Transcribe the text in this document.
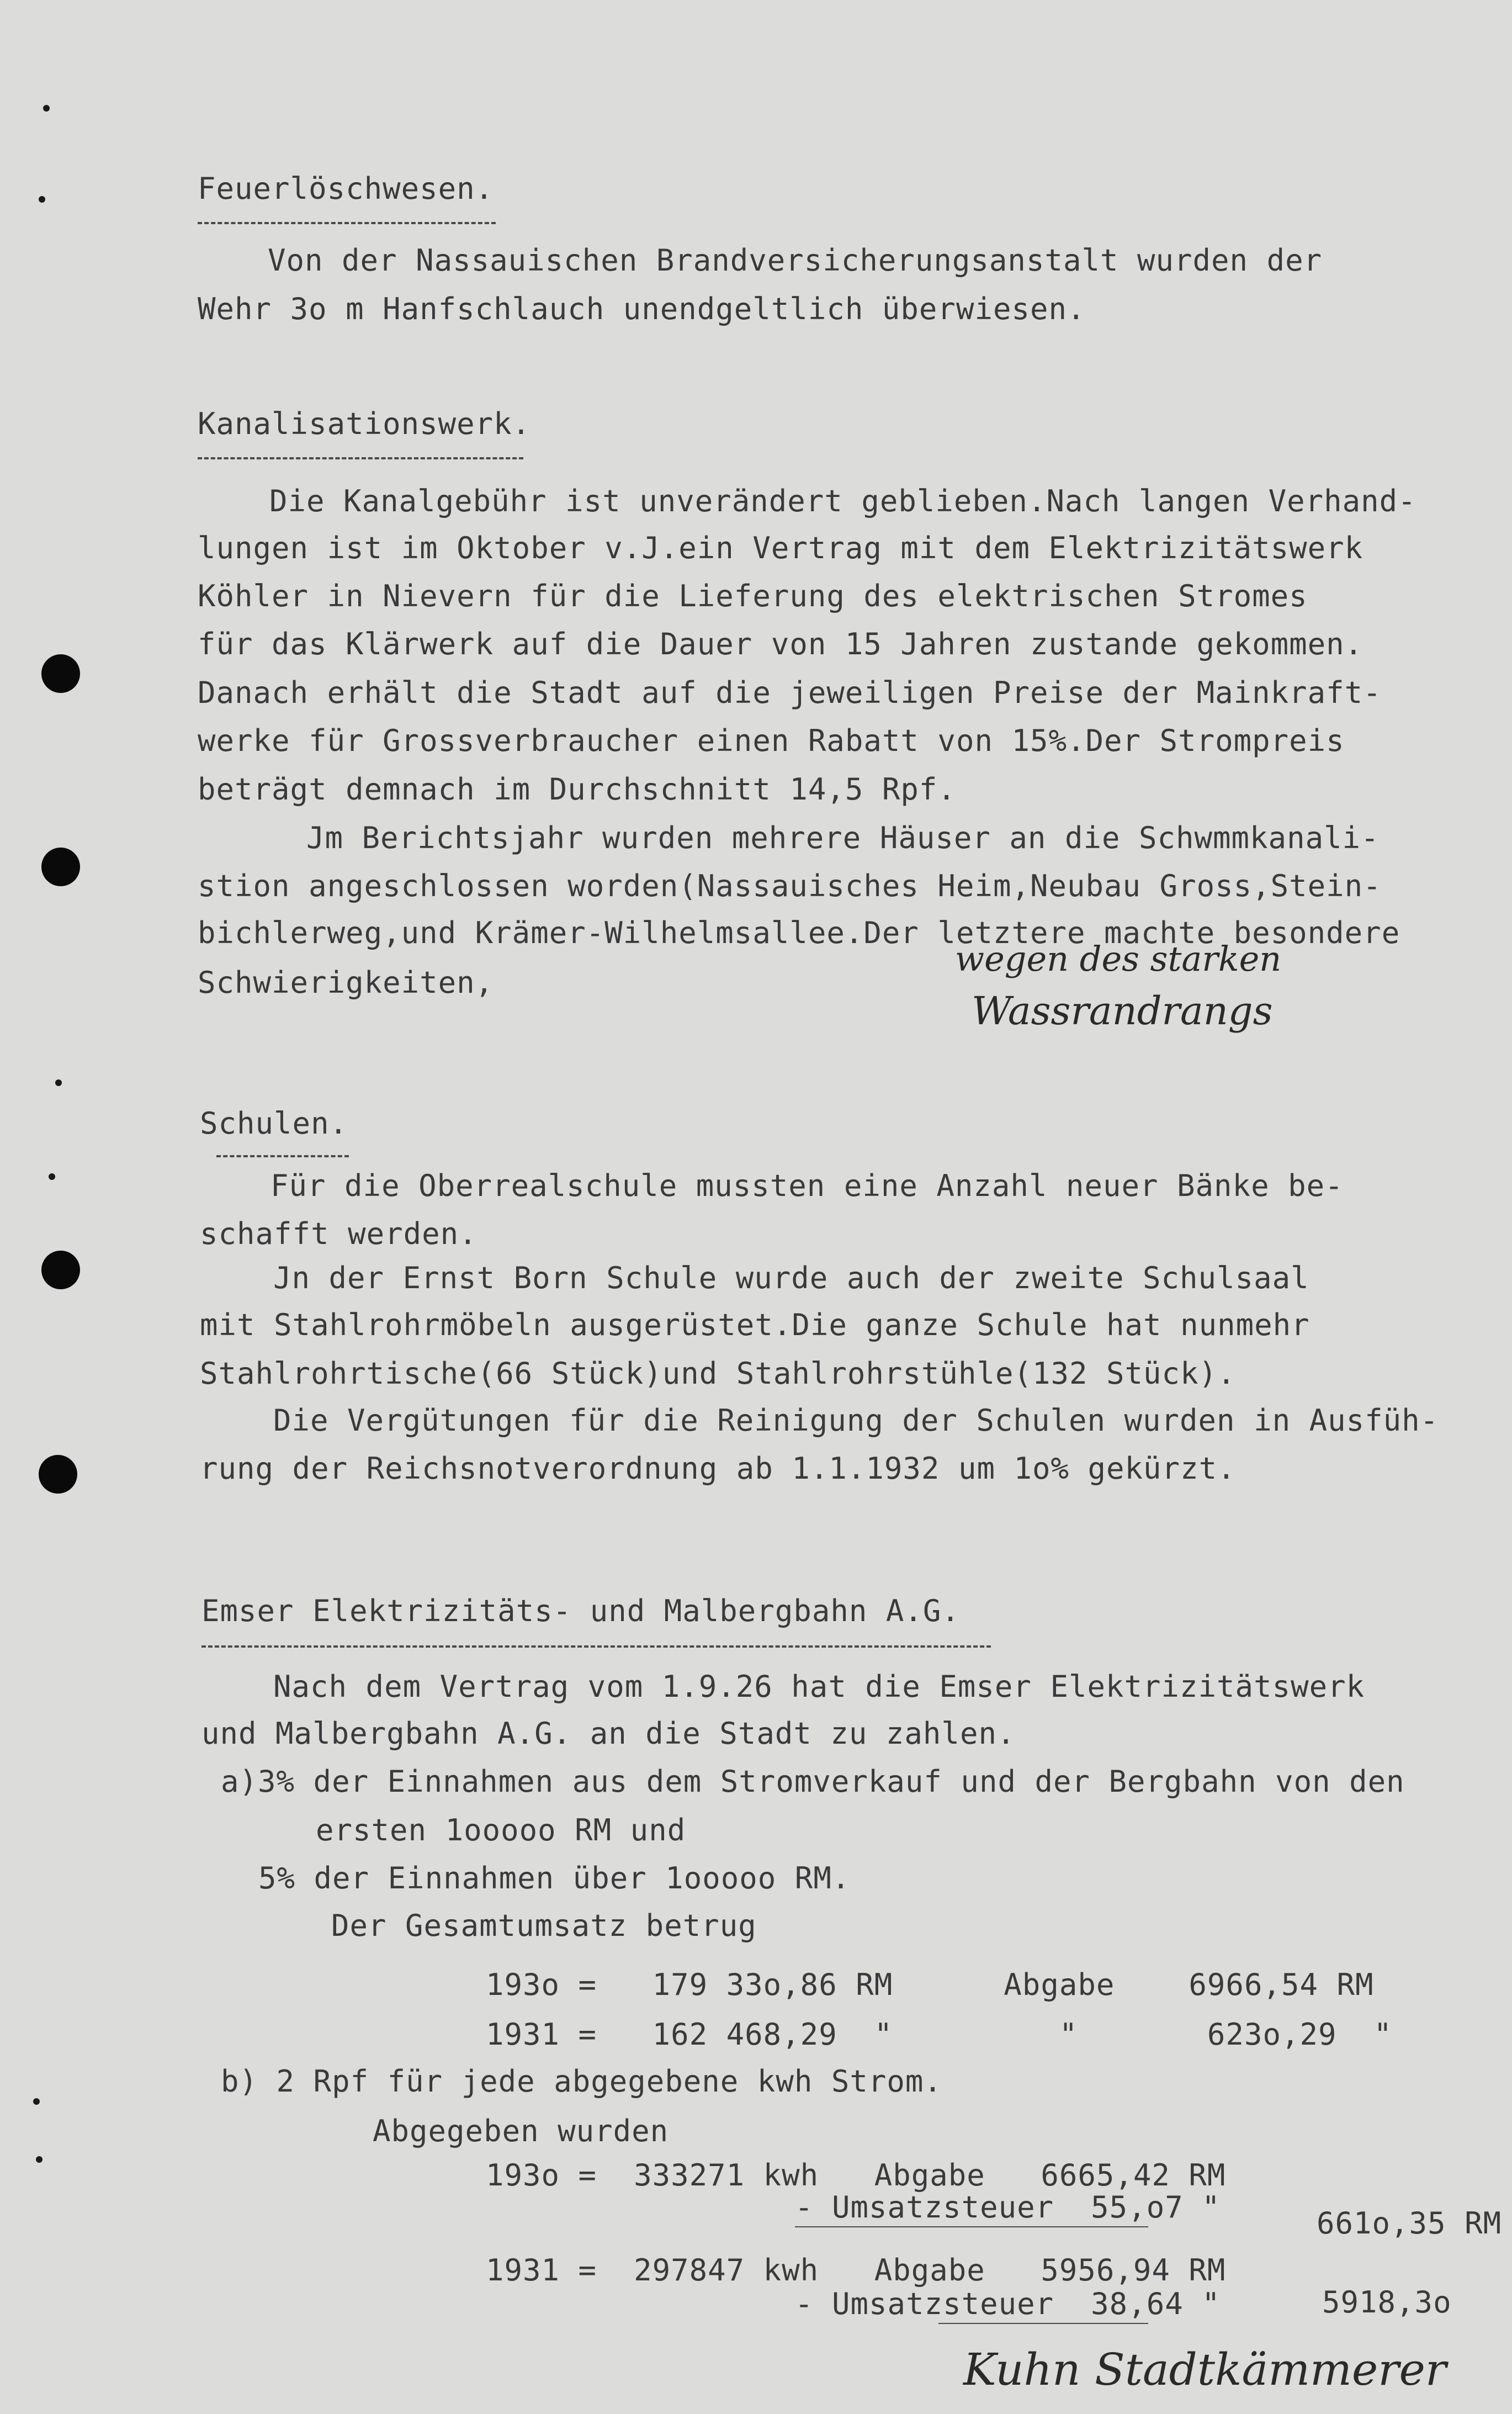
Feuerlöschwesen.
Von der Nassauischen Brandversicherungsanstalt wurden der
Wehr 3o m Hanfschlauch unendgeltlich überwiesen.
Kanalisationswerk.
Die Kanalgebühr ist unverändert geblieben.Nach langen Verhand-
lungen ist im Oktober v.J.ein Vertrag mit dem Elektrizitätswerk
Köhler in Nievern für die Lieferung des elektrischen Stromes
für das Klärwerk auf die Dauer von 15 Jahren zustande gekommen.
Danach erhält die Stadt auf die jeweiligen Preise der Mainkraft-
werke für Grossverbraucher einen Rabatt von 15%.Der Strompreis
beträgt demnach im Durchschnitt 14,5 Rpf.
Jm Berichtsjahr wurden mehrere Häuser an die Schwmmkanali-
stion angeschlossen worden(Nassauisches Heim,Neubau Gross,Stein-
bichlerweg,und Krämer-Wilhelmsallee.Der letztere machte besondere
Schwierigkeiten,
wegen des starken
Wassrandrangs
Schulen.
Für die Oberrealschule mussten eine Anzahl neuer Bänke be-
schafft werden.
Jn der Ernst Born Schule wurde auch der zweite Schulsaal
mit Stahlrohrmöbeln ausgerüstet.Die ganze Schule hat nunmehr
Stahlrohrtische(66 Stück)und Stahlrohrstühle(132 Stück).
Die Vergütungen für die Reinigung der Schulen wurden in Ausfüh-
rung der Reichsnotverordnung ab 1.1.1932 um 1o% gekürzt.
Emser Elektrizitäts- und Malbergbahn A.G.
Nach dem Vertrag vom 1.9.26 hat die Emser Elektrizitätswerk
und Malbergbahn A.G. an die Stadt zu zahlen.
a)3% der Einnahmen aus dem Stromverkauf und der Bergbahn von den
ersten 1ooooo RM und
5% der Einnahmen über 1ooooo RM.
Der Gesamtumsatz betrug
193o =   179 33o,86 RM      Abgabe    6966,54 RM
1931 =   162 468,29  "         "       623o,29  "
b) 2 Rpf für jede abgegebene kwh Strom.
Abgegeben wurden
193o =  333271 kwh   Abgabe   6665,42 RM
- Umsatzsteuer  55,o7 "	661o,35 RM
1931 =  297847 kwh   Abgabe   5956,94 RM
- Umsatzsteuer  38,64 "	5918,3o
Kuhn Stadtkämmerer
